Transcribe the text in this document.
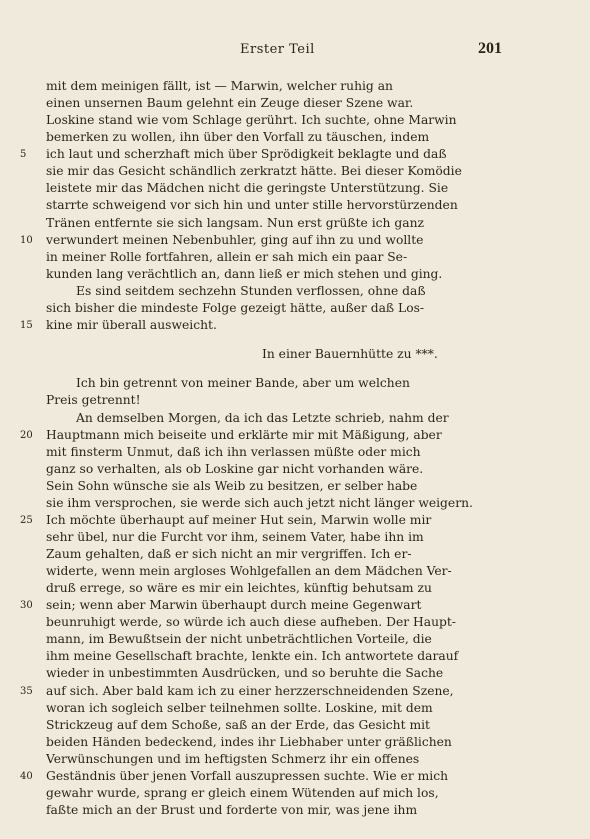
Erster Teil	201
mit dem meinigen fällt, ist — Marwin, welcher ruhig an
einen unsernen Baum gelehnt ein Zeuge dieser Szene war.
Loskine stand wie vom Schlage gerührt. Ich suchte, ohne Marwin
bemerken zu wollen, ihn über den Vorfall zu täuschen, indem
5	ich laut und scherzhaft mich über Sprödigkeit beklagte und daß
sie mir das Gesicht schändlich zerkratzt hätte. Bei dieser Komödie
leistete mir das Mädchen nicht die geringste Unterstützung. Sie
starrte schweigend vor sich hin und unter stille hervorstürzenden
Tränen entfernte sie sich langsam. Nun erst grüßte ich ganz
10	verwundert meinen Nebenbuhler, ging auf ihn zu und wollte
in meiner Rolle fortfahren, allein er sah mich ein paar Se-
kunden lang verächtlich an, dann ließ er mich stehen und ging.
Es sind seitdem sechzehn Stunden verflossen, ohne daß
sich bisher die mindeste Folge gezeigt hätte, außer daß Los-
15	kine mir überall ausweicht.
In einer Bauernhütte zu ***.
Ich bin getrennt von meiner Bande, aber um welchen
Preis getrennt!
An demselben Morgen, da ich das Letzte schrieb, nahm der
20	Hauptmann mich beiseite und erklärte mir mit Mäßigung, aber
mit finsterm Unmut, daß ich ihn verlassen müßte oder mich
ganz so verhalten, als ob Loskine gar nicht vorhanden wäre.
Sein Sohn wünsche sie als Weib zu besitzen, er selber habe
sie ihm versprochen, sie werde sich auch jetzt nicht länger weigern.
25	Ich möchte überhaupt auf meiner Hut sein, Marwin wolle mir
sehr übel, nur die Furcht vor ihm, seinem Vater, habe ihn im
Zaum gehalten, daß er sich nicht an mir vergriffen. Ich er-
widerte, wenn mein argloses Wohlgefallen an dem Mädchen Ver-
druß erregе, so wäre es mir ein leichtes, künftig behutsam zu
30	sein; wenn aber Marwin überhaupt durch meine Gegenwart
beunruhigt werde, so würde ich auch diese aufheben. Der Haupt-
mann, im Bewußtsein der nicht unbeträchtlichen Vorteile, die
ihm meine Gesellschaft brachte, lenkte ein. Ich antwortete darauf
wieder in unbestimmten Ausdrücken, und so beruhte die Sache
35	auf sich. Aber bald kam ich zu einer herzzerschneidenden Szene,
woran ich sogleich selber teilnehmen sollte. Loskine, mit dem
Strickzeug auf dem Schoße, saß an der Erde, das Gesicht mit
beiden Händen bedeckend, indes ihr Liebhaber unter gräßlichen
Verwünschungen und im heftigsten Schmerz ihr ein offenes
40	Geständnis über jenen Vorfall auszupressen suchte. Wie er mich
gewahr wurde, sprang er gleich einem Wütenden auf mich los,
faßte mich an der Brust und forderte von mir, was jene ihm
